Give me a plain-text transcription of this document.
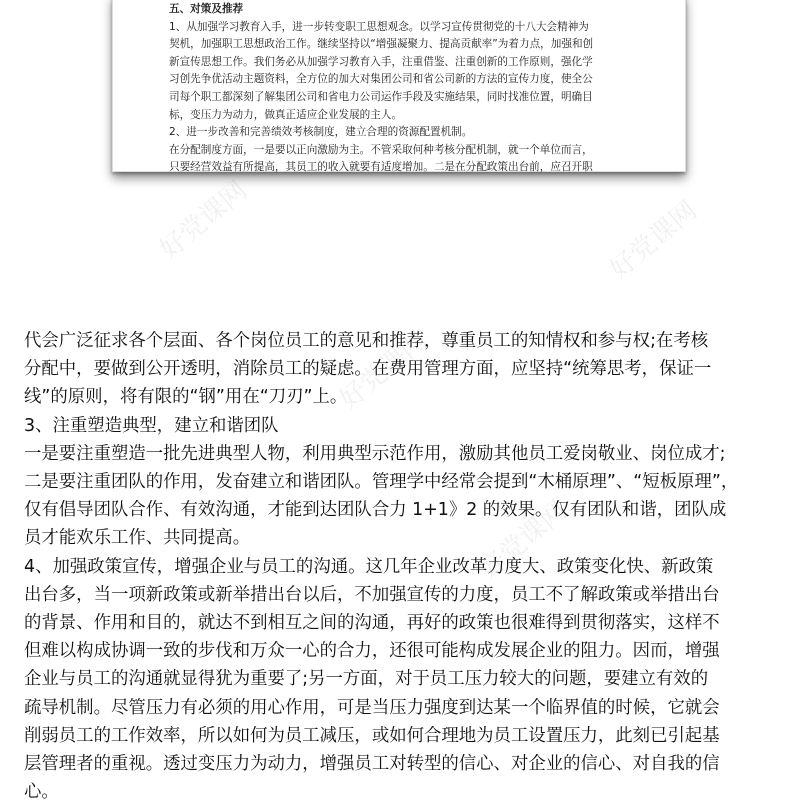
五、对策及推荐
1、从加强学习教育入手，进一步转变职工思想观念。以学习宣传贯彻党的十八大会精神为
契机，加强职工思想政治工作。继续坚持以“增强凝聚力、提高贡献率”为着力点，加强和创
新宣传思想工作。我们务必从加强学习教育入手，注重借鉴、注重创新的工作原则，强化学
习创先争优活动主题资料，全方位的加大对集团公司和省公司新的方法的宣传力度，使全公
司每个职工都深刻了解集团公司和省电力公司运作手段及实施结果，同时找准位置，明确目
标，变压力为动力，做真正适应企业发展的主人。
2、进一步改善和完善绩效考核制度，建立合理的资源配置机制。
在分配制度方面，一是要以正向激励为主。不管采取何种考核分配机制，就一个单位而言，
只要经营效益有所提高，其员工的收入就要有适度增加。二是在分配政策出台前，应召开职
好党课网
好党课网
好党课网
好党课网
代会广泛征求各个层面、各个岗位员工的意见和推荐，尊重员工的知情权和参与权;在考核
分配中，要做到公开透明，消除员工的疑虑。在费用管理方面，应坚持“统筹思考，保证一
线”的原则，将有限的“钢”用在“刀刃”上。
3、注重塑造典型，建立和谐团队
一是要注重塑造一批先进典型人物，利用典型示范作用，激励其他员工爱岗敬业、岗位成才;
二是要注重团队的作用，发奋建立和谐团队。管理学中经常会提到“木桶原理”、“短板原理”，
仅有倡导团队合作、有效沟通，才能到达团队合力 1+1》2 的效果。仅有团队和谐，团队成
员才能欢乐工作、共同提高。
4、加强政策宣传，增强企业与员工的沟通。这几年企业改革力度大、政策变化快、新政策
出台多，当一项新政策或新举措出台以后，不加强宣传的力度，员工不了解政策或举措出台
的背景、作用和目的，就达不到相互之间的沟通，再好的政策也很难得到贯彻落实，这样不
但难以构成协调一致的步伐和万众一心的合力，还很可能构成发展企业的阻力。因而，增强
企业与员工的沟通就显得犹为重要了;另一方面，对于员工压力较大的问题，要建立有效的
疏导机制。尽管压力有必须的用心作用，可是当压力强度到达某一个临界值的时候，它就会
削弱员工的工作效率，所以如何为员工减压，或如何合理地为员工设置压力，此刻已引起基
层管理者的重视。透过变压力为动力，增强员工对转型的信心、对企业的信心、对自我的信
心。
